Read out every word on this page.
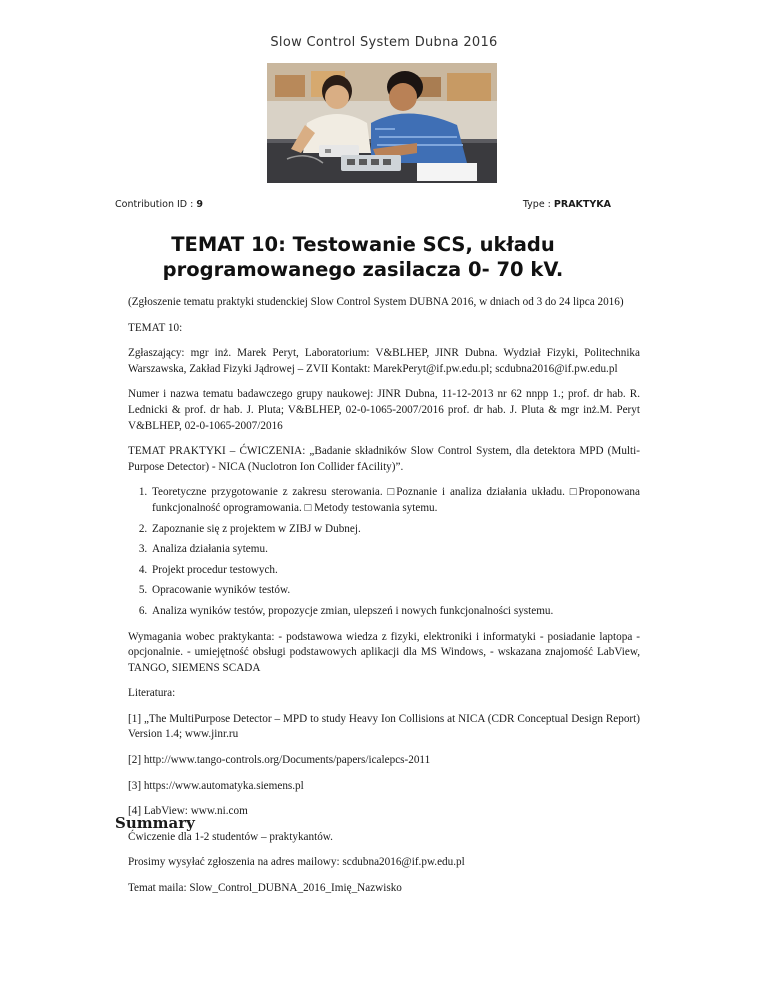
Slow Control System Dubna 2016
Contribution ID : 9	Type : PRAKTYKA
TEMAT 10: Testowanie SCS, układu programowanego zasilacza 0- 70 kV.

(Zgłoszenie tematu praktyki studenckiej Slow Control System DUBNA 2016, w dniach od 3 do 24 lipca 2016)

TEMAT 10:

Zgłaszający: mgr inż. Marek Peryt, Laboratorium: V&BLHEP, JINR Dubna. Wydział Fizyki, Politechnika Warszawska, Zakład Fizyki Jądrowej – ZVII Kontakt: MarekPeryt@if.pw.edu.pl; scdubna2016@if.pw.edu.pl

Numer i nazwa tematu badawczego grupy naukowej: JINR Dubna, 11-12-2013 nr 62 nnpp 1.; prof. dr hab. R. Lednicki & prof. dr hab. J. Pluta; V&BLHEP, 02-0-1065-2007/2016 prof. dr hab. J. Pluta & mgr inż.M. Peryt V&BLHEP, 02-0-1065-2007/2016

TEMAT PRAKTYKI – ĆWICZENIA: „Badanie składników Slow Control System, dla detektora MPD (Multi-Purpose Detector) - NICA (Nuclotron Ion Collider fAcility)”.

1. Teoretyczne przygotowanie z zakresu sterowania. □Poznanie i analiza działania układu. □Proponowana funkcjonalność oprogramowania. □ Metody testowania sytemu.
2. Zapoznanie się z projektem w ZIBJ w Dubnej.
3. Analiza działania sytemu.
4. Projekt procedur testowych.
5. Opracowanie wyników testów.
6. Analiza wyników testów, propozycje zmian, ulepszeń i nowych funkcjonalności systemu.

Wymagania wobec praktykanta: - podstawowa wiedza z fizyki, elektroniki i informatyki - posiadanie laptopa - opcjonalnie. - umiejętność obsługi podstawowych aplikacji dla MS Windows, - wskazana znajomość LabView, TANGO, SIEMENS SCADA

Literatura:

[1] „The MultiPurpose Detector – MPD to study Heavy Ion Collisions at NICA (CDR Conceptual Design Report) Version 1.4; www.jinr.ru

[2] http://www.tango-controls.org/Documents/papers/icalepcs-2011

[3] https://www.automatyka.siemens.pl

[4] LabView: www.ni.com

Ćwiczenie dla 1-2 studentów – praktykantów.

Prosimy wysyłać zgłoszenia na adres mailowy: scdubna2016@if.pw.edu.pl

Temat maila: Slow_Control_DUBNA_2016_Imię_Nazwisko

Summary
